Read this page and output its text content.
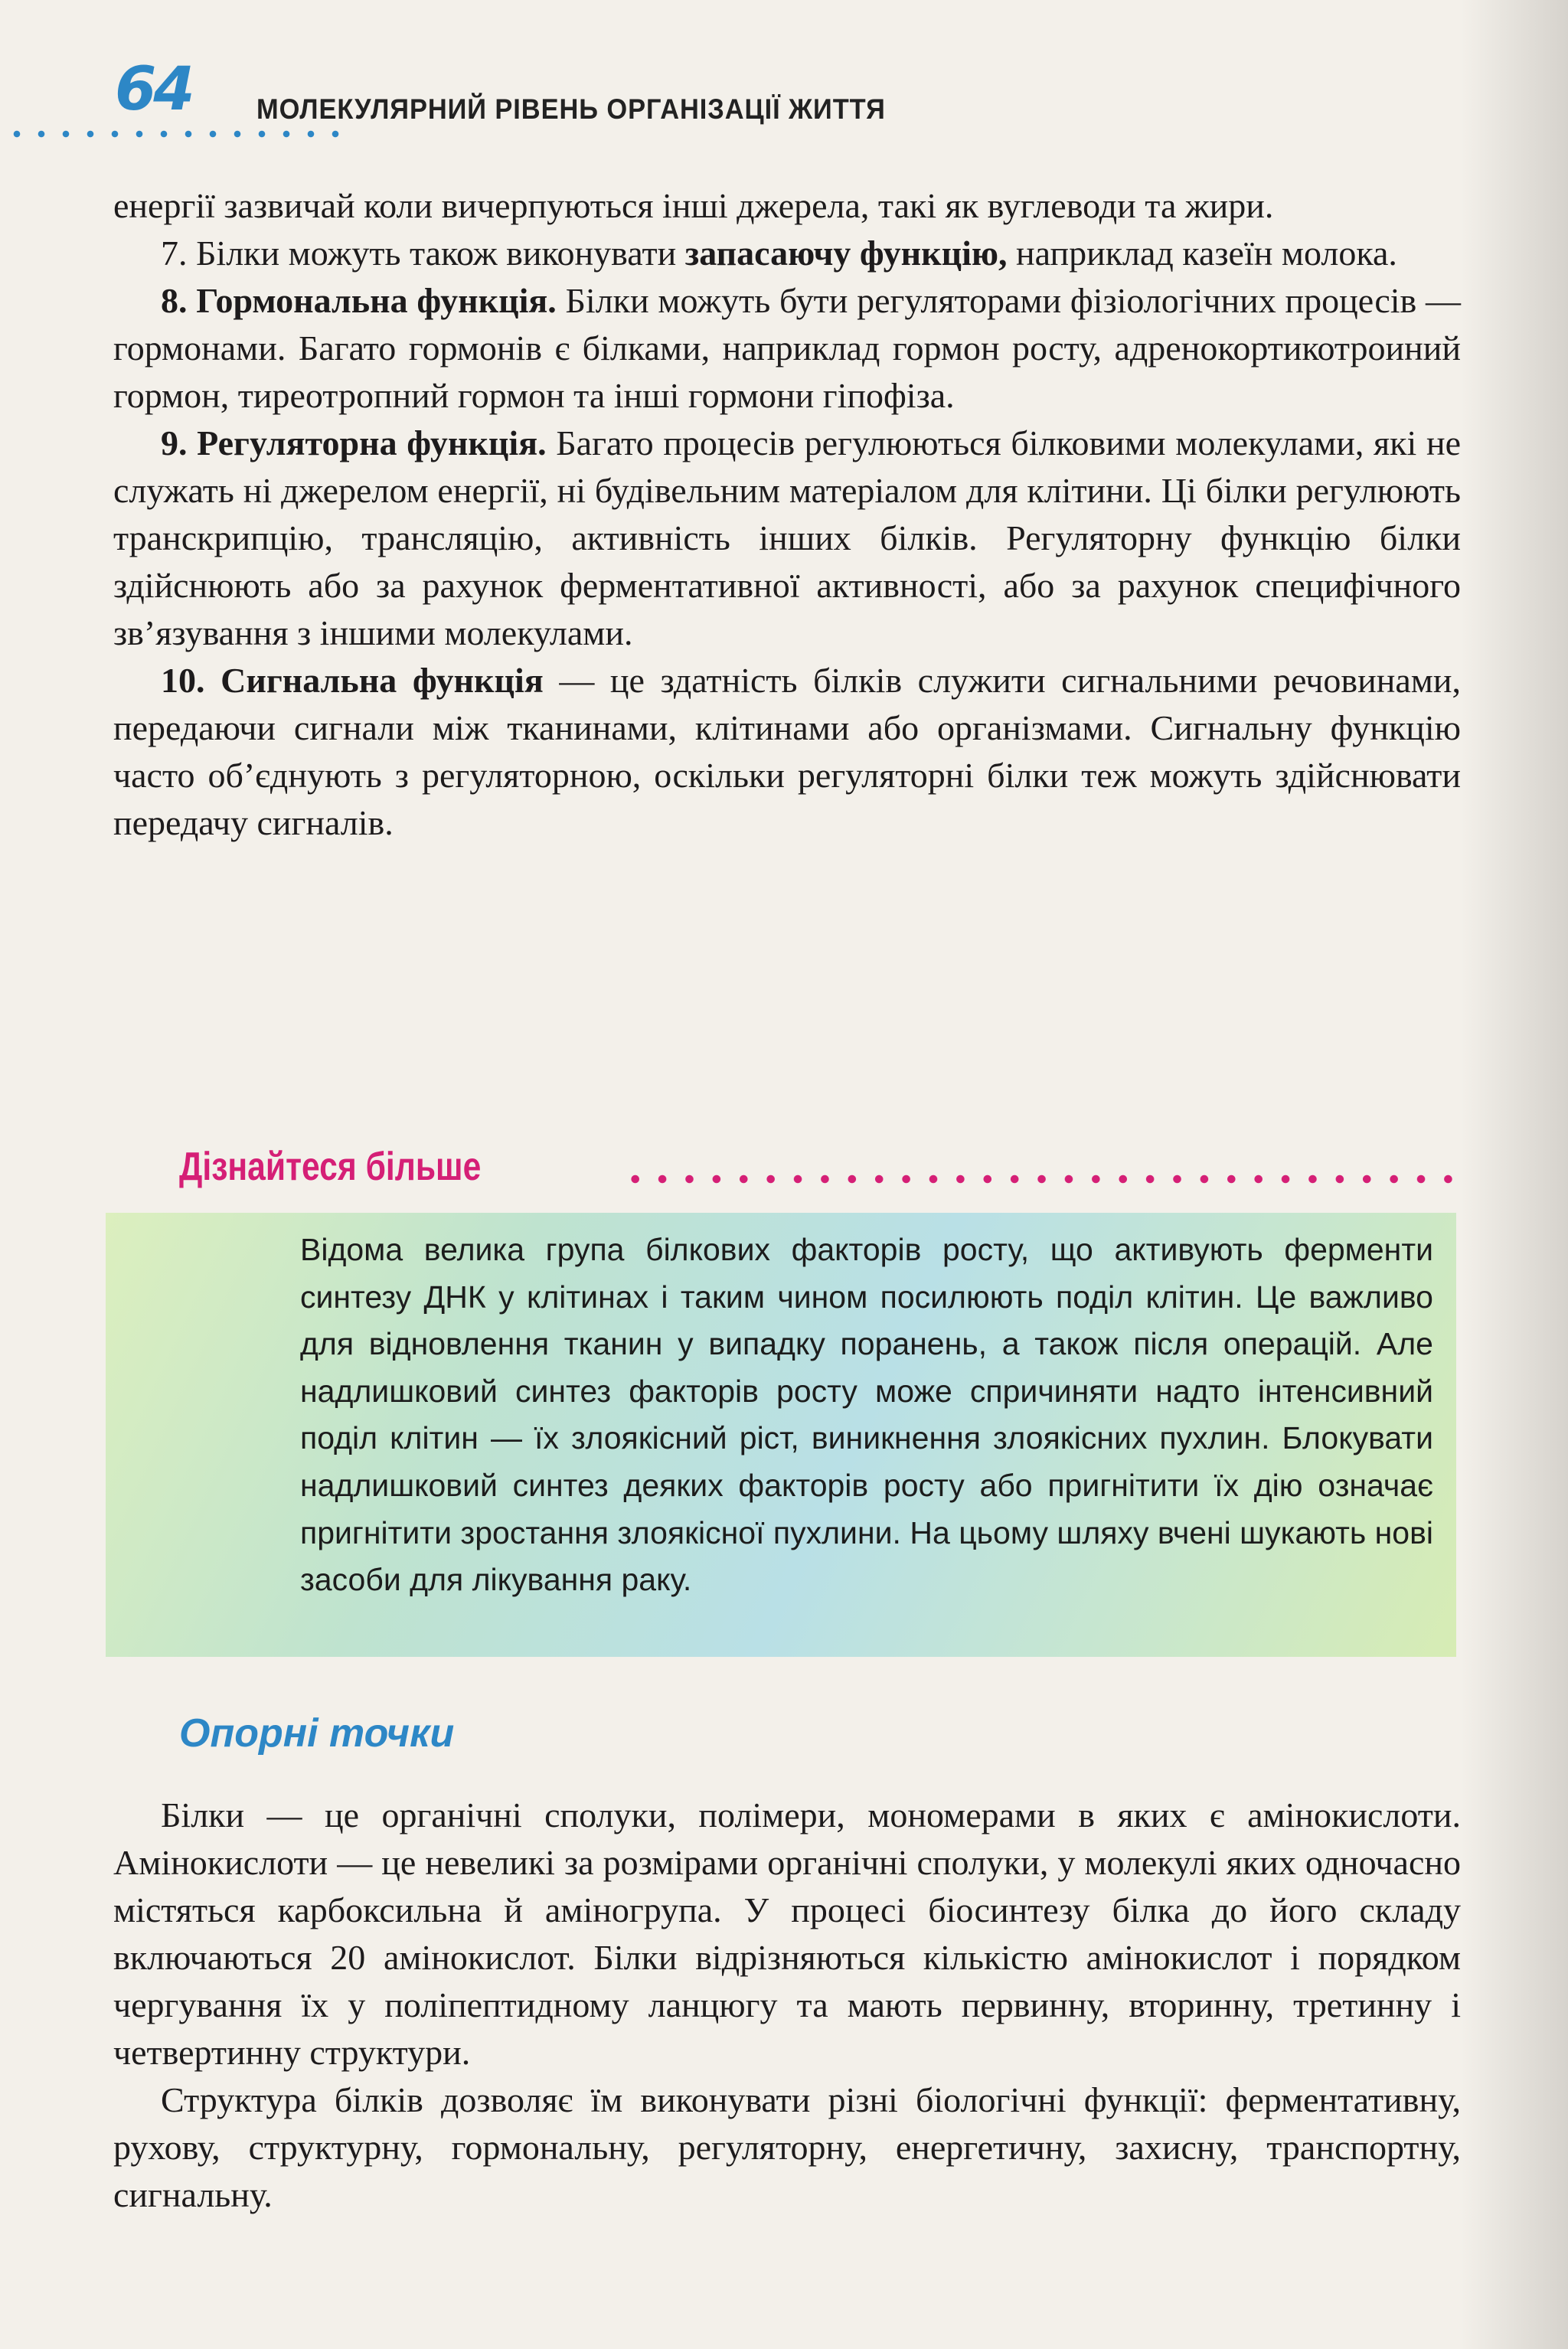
64 МОЛЕКУЛЯРНИЙ РІВЕНЬ ОРГАНІЗАЦІЇ ЖИТТЯ

енергії зазвичай коли вичерпуються інші джерела, такі як вуглеводи та жири.

7. Білки можуть також виконувати запасаючу функцію, наприклад казеїн молока.

8. Гормональна функція. Білки можуть бути регуляторами фізіологічних процесів — гормонами. Багато гормонів є білками, наприклад гормон росту, адренокортикотроиний гормон, тиреотропний гормон та інші гормони гіпофіза.

9. Регуляторна функція. Багато процесів регулюються білковими молекулами, які не служать ні джерелом енергії, ні будівельним матеріалом для клітини. Ці білки регулюють транскрипцію, трансляцію, активність інших білків. Регуляторну функцію білки здійснюють або за рахунок ферментативної активності, або за рахунок специфічного зв’язування з іншими молекулами.

10. Сигнальна функція — це здатність білків служити сигнальними речовинами, передаючи сигнали між тканинами, клітинами або організмами. Сигнальну функцію часто об’єднують з регуляторною, оскільки регуляторні білки теж можуть здійснювати передачу сигналів.

Дізнайтеся більше

Відома велика група білкових факторів росту, що активують ферменти синтезу ДНК у клітинах і таким чином посилюють поділ клітин. Це важливо для відновлення тканин у випадку поранень, а також після операцій. Але надлишковий синтез факторів росту може спричиняти надто інтенсивний поділ клітин — їх злоякісний ріст, виникнення злоякісних пухлин. Блокувати надлишковий синтез деяких факторів росту або пригнітити їх дію означає пригнітити зростання злоякісної пухлини. На цьому шляху вчені шукають нові засоби для лікування раку.

Опорні точки

Білки — це органічні сполуки, полімери, мономерами в яких є амінокислоти. Амінокислоти — це невеликі за розмірами органічні сполуки, у молекулі яких одночасно містяться карбоксильна й аміногрупа. У процесі біосинтезу білка до його складу включаються 20 амінокислот. Білки відрізняються кількістю амінокислот і порядком чергування їх у поліпептидному ланцюгу та мають первинну, вторинну, третинну і четвертинну структури.

Структура білків дозволяє їм виконувати різні біологічні функції: ферментативну, рухову, структурну, гормональну, регуляторну, енергетичну, захисну, транспортну, сигнальну.
